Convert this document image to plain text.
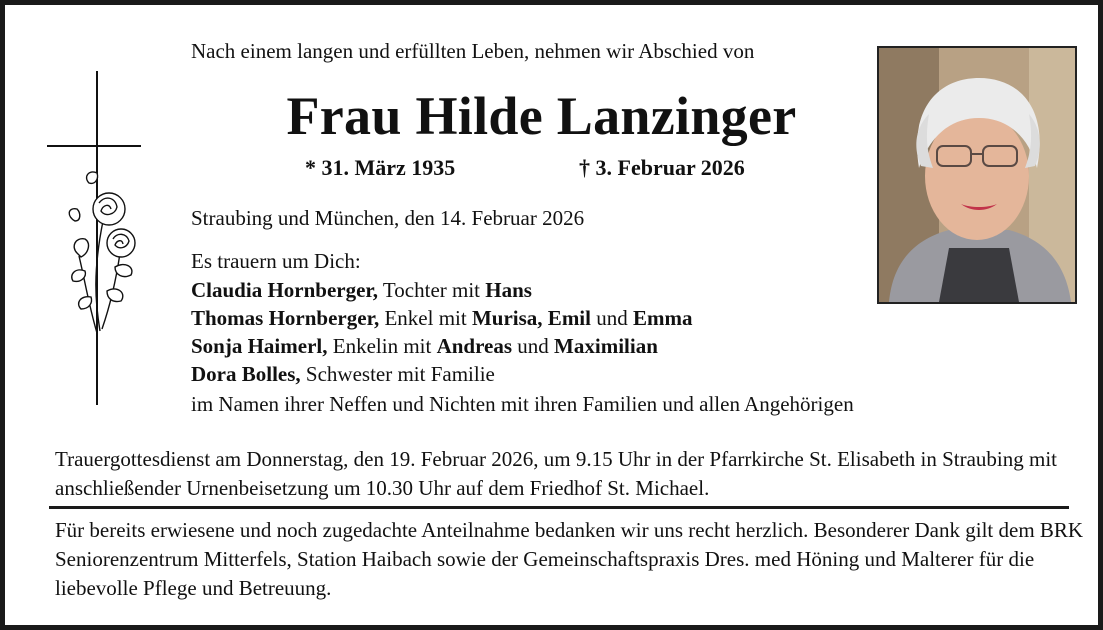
Nach einem langen und erfüllten Leben, nehmen wir Abschied von
Frau Hilde Lanzinger
* 31. März 1935	† 3. Februar 2026
Straubing und München, den 14. Februar 2026
Es trauern um Dich:
Claudia Hornberger, Tochter mit Hans
Thomas Hornberger, Enkel mit Murisa, Emil und Emma
Sonja Haimerl, Enkelin mit Andreas und Maximilian
Dora Bolles, Schwester mit Familie
im Namen ihrer Neffen und Nichten mit ihren Familien und allen Angehörigen
Trauergottesdienst am Donnerstag, den 19. Februar 2026, um 9.15 Uhr in der Pfarrkirche St. Elisabeth in Straubing mit anschließender Urnenbeisetzung um 10.30 Uhr auf dem Friedhof St. Michael.
Für bereits erwiesene und noch zugedachte Anteilnahme bedanken wir uns recht herzlich. Besonderer Dank gilt dem BRK Seniorenzentrum Mitterfels, Station Haibach sowie der Gemeinschaftspraxis Dres. med Höning und Malterer für die liebevolle Pflege und Betreuung.
